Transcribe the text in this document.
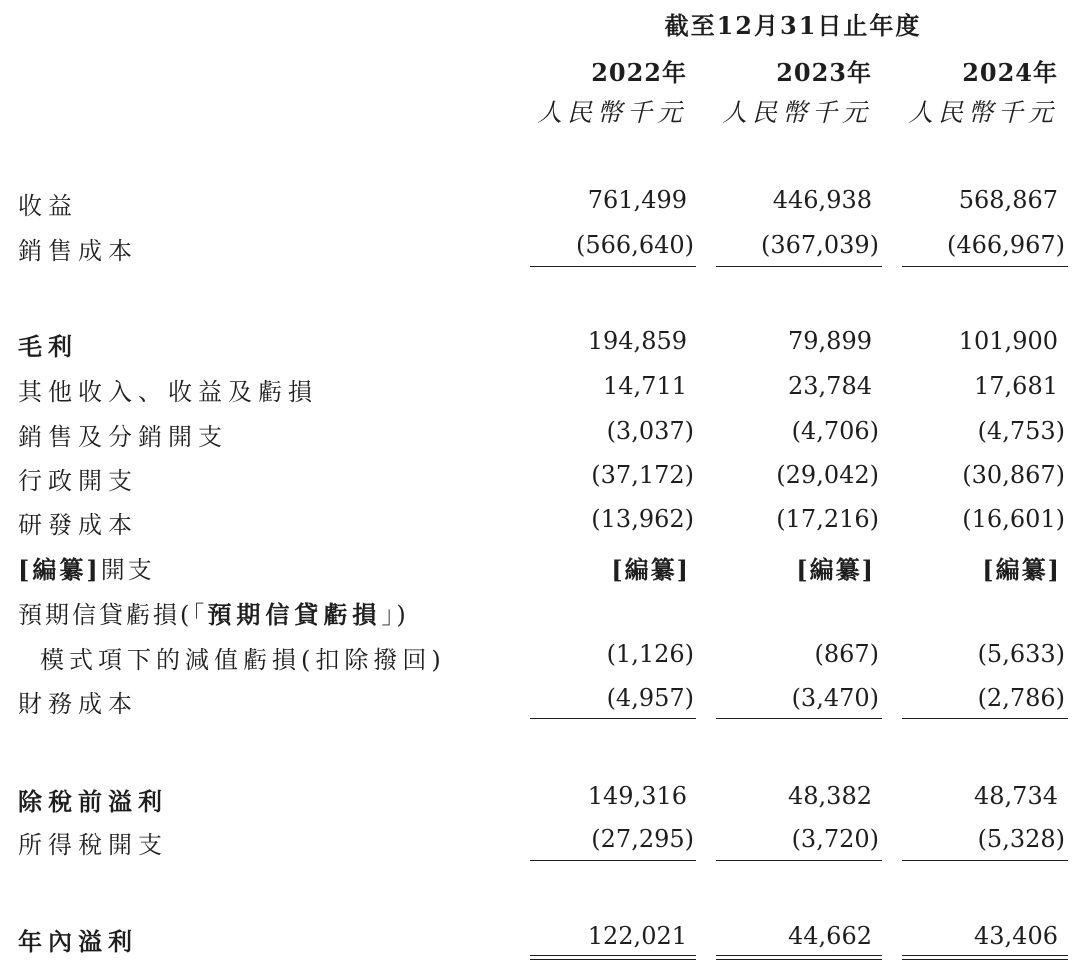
截至12月31日止年度
2022年	2023年	2024年
人民幣千元	人民幣千元	人民幣千元
收益	761,499	446,938	568,867
銷售成本	(566,640)	(367,039)	(466,967)
毛利	194,859	79,899	101,900
其他收入、收益及虧損	14,711	23,784	17,681
銷售及分銷開支	(3,037)	(4,706)	(4,753)
行政開支	(37,172)	(29,042)	(30,867)
研發成本	(13,962)	(17,216)	(16,601)
[編纂]開支	[編纂]	[編纂]	[編纂]
預期信貸虧損(「預期信貸虧損」)
模式項下的減值虧損(扣除撥回)	(1,126)	(867)	(5,633)
財務成本	(4,957)	(3,470)	(2,786)
除稅前溢利	149,316	48,382	48,734
所得稅開支	(27,295)	(3,720)	(5,328)
年內溢利	122,021	44,662	43,406
